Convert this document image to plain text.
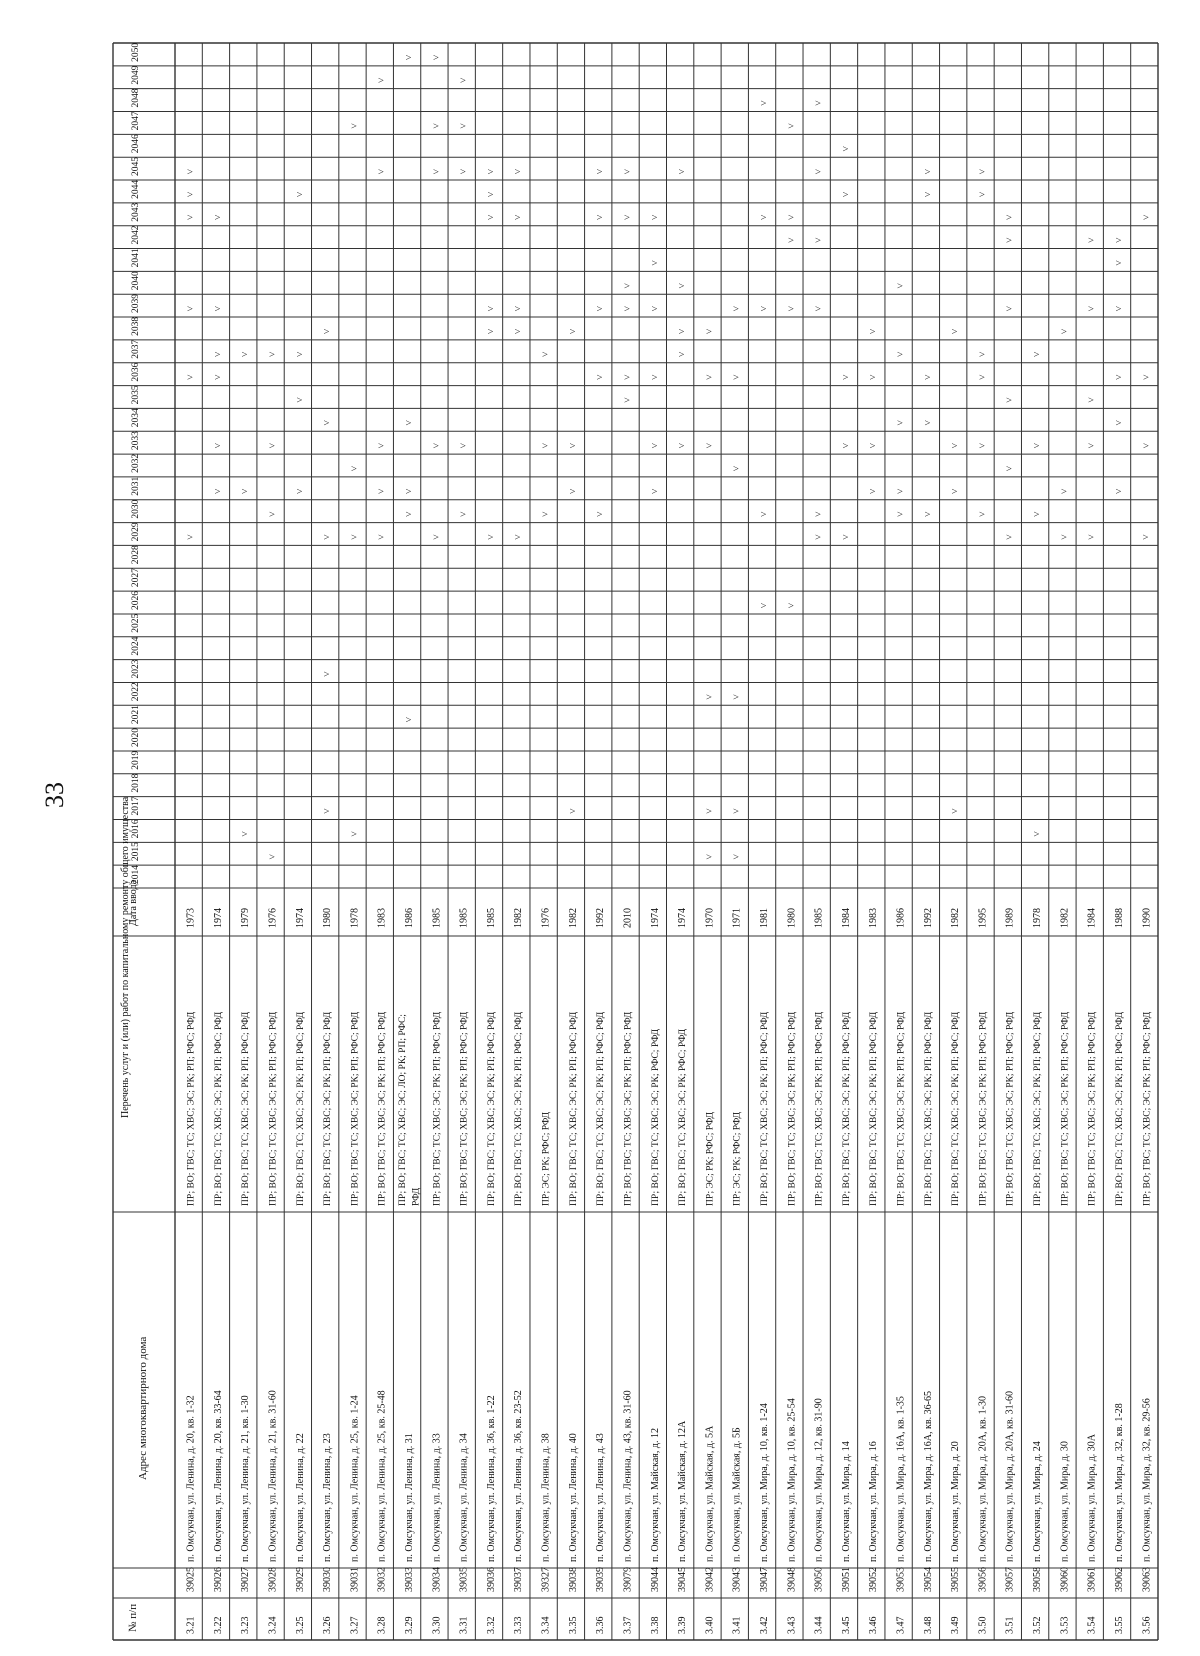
33
2014
2015
2016
2017
2018
2019
2020
2021
2022
2023
2024
2025
2026
2027
2028
2029
2030
2031
2032
2033
2034
2035
2036
2037
2038
2039
2040
2041
2042
2043
2044
2045
2046
2047
2048
2049
2050
№ п/п
Адрес многоквартирного дома
Перечень услуг и (или) работ по капитальному ремонту общего имущества
Дата ввода
3.21
39025
п. Омсукчан, ул. Ленина, д. 20, кв. 1-32
ПР; ВО; ГВС; ТС; ХВС; ЭС; РК; РП; РФС; РФД
1973
˅
˅
˅
˅
˅
˅
3.22
39026
п. Омсукчан, ул. Ленина, д. 20, кв. 33-64
ПР; ВО; ГВС; ТС; ХВС; ЭС; РК; РП; РФС; РФД
1974
˅
˅
˅
˅
˅
˅
3.23
39027
п. Омсукчан, ул. Ленина, д. 21, кв. 1-30
ПР; ВО; ГВС; ТС; ХВС; ЭС; РК; РП; РФС; РФД
1979
˅
˅
˅
3.24
39028
п. Омсукчан, ул. Ленина, д. 21, кв. 31-60
ПР; ВО; ГВС; ТС; ХВС; ЭС; РК; РП; РФС; РФД
1976
˅
˅
˅
˅
3.25
39029
п. Омсукчан, ул. Ленина, д. 22
ПР; ВО; ГВС; ТС; ХВС; ЭС; РК; РП; РФС; РФД
1974
˅
˅
˅
˅
3.26
39030
п. Омсукчан, ул. Ленина, д. 23
ПР; ВО; ГВС; ТС; ХВС; ЭС; РК; РП; РФС; РФД
1980
˅
˅
˅
˅
˅
3.27
39031
п. Омсукчан, ул. Ленина, д. 25, кв. 1-24
ПР; ВО; ГВС; ТС; ХВС; ЭС; РК; РП; РФС; РФД
1978
˅
˅
˅
˅
3.28
39032
п. Омсукчан, ул. Ленина, д. 25, кв. 25-48
ПР; ВО; ГВС; ТС; ХВС; ЭС; РК; РП; РФС; РФД
1983
˅
˅
˅
˅
˅
3.29
39033
п. Омсукчан, ул. Ленина, д. 31
ПР; ВО; ГВС; ТС; ХВС; ЭС; ЛО; РК; РП; РФС; РФД
1986
˅
˅
˅
˅
˅
3.30
39034
п. Омсукчан, ул. Ленина, д. 33
ПР; ВО; ГВС; ТС; ХВС; ЭС; РК; РП; РФС; РФД
1985
˅
˅
˅
˅
˅
3.31
39035
п. Омсукчан, ул. Ленина, д. 34
ПР; ВО; ГВС; ТС; ХВС; ЭС; РК; РП; РФС; РФД
1985
˅
˅
˅
˅
˅
3.32
39036
п. Омсукчан, ул. Ленина, д. 36, кв. 1-22
ПР; ВО; ГВС; ТС; ХВС; ЭС; РК; РП; РФС; РФД
1985
˅
˅
˅
˅
˅
˅
3.33
39037
п. Омсукчан, ул. Ленина, д. 36, кв. 23-52
ПР; ВО; ГВС; ТС; ХВС; ЭС; РК; РП; РФС; РФД
1982
˅
˅
˅
˅
˅
3.34
39327
п. Омсукчан, ул. Ленина, д. 38
ПР; ЭС; РК; РФС; РФД
1976
˅
˅
˅
3.35
39038
п. Омсукчан, ул. Ленина, д. 40
ПР; ВО; ГВС; ТС; ХВС; ЭС; РК; РП; РФС; РФД
1982
˅
˅
˅
˅
3.36
39039
п. Омсукчан, ул. Ленина, д. 43
ПР; ВО; ГВС; ТС; ХВС; ЭС; РК; РП; РФС; РФД
1992
˅
˅
˅
˅
˅
3.37
39079
п. Омсукчан, ул. Ленина, д. 43, кв. 31-60
ПР; ВО; ГВС; ТС; ХВС; ЭС; РК; РП; РФС; РФД
2010
˅
˅
˅
˅
˅
˅
3.38
39044
п. Омсукчан, ул. Майская, д. 12
ПР; ВО; ГВС; ТС; ХВС; ЭС; РК; РФС; РФД
1974
˅
˅
˅
˅
˅
˅
3.39
39045
п. Омсукчан, ул. Майская, д. 12А
ПР; ВО; ГВС; ТС; ХВС; ЭС; РК; РФС; РФД
1974
˅
˅
˅
˅
˅
3.40
39042
п. Омсукчан, ул. Майская, д. 5А
ПР; ЭС; РК; РФС; РФД
1970
˅
˅
˅
˅
˅
˅
3.41
39043
п. Омсукчан, ул. Майская, д. 5Б
ПР; ЭС; РК; РФС; РФД
1971
˅
˅
˅
˅
˅
˅
3.42
39047
п. Омсукчан, ул. Мира, д. 10, кв. 1-24
ПР; ВО; ГВС; ТС; ХВС; ЭС; РК; РП; РФС; РФД
1981
˅
˅
˅
˅
˅
3.43
39048
п. Омсукчан, ул. Мира, д. 10, кв. 25-54
ПР; ВО; ГВС; ТС; ХВС; ЭС; РК; РП; РФС; РФД
1980
˅
˅
˅
˅
˅
3.44
39050
п. Омсукчан, ул. Мира, д. 12, кв. 31-90
ПР; ВО; ГВС; ТС; ХВС; ЭС; РК; РП; РФС; РФД
1985
˅
˅
˅
˅
˅
˅
3.45
39051
п. Омсукчан, ул. Мира, д. 14
ПР; ВО; ГВС; ТС; ХВС; ЭС; РК; РП; РФС; РФД
1984
˅
˅
˅
˅
˅
3.46
39052
п. Омсукчан, ул. Мира, д. 16
ПР; ВО; ГВС; ТС; ХВС; ЭС; РК; РП; РФС; РФД
1983
˅
˅
˅
˅
3.47
39053
п. Омсукчан, ул. Мира, д. 16А, кв. 1-35
ПР; ВО; ГВС; ТС; ХВС; ЭС; РК; РП; РФС; РФД
1986
˅
˅
˅
˅
˅
3.48
39054
п. Омсукчан, ул. Мира, д. 16А, кв. 36-65
ПР; ВО; ГВС; ТС; ХВС; ЭС; РК; РП; РФС; РФД
1992
˅
˅
˅
˅
˅
3.49
39055
п. Омсукчан, ул. Мира, д. 20
ПР; ВО; ГВС; ТС; ХВС; ЭС; РК; РП; РФС; РФД
1982
˅
˅
˅
˅
3.50
39056
п. Омсукчан, ул. Мира, д. 20А, кв. 1-30
ПР; ВО; ГВС; ТС; ХВС; ЭС; РК; РП; РФС; РФД
1995
˅
˅
˅
˅
˅
˅
3.51
39057
п. Омсукчан, ул. Мира, д. 20А, кв. 31-60
ПР; ВО; ГВС; ТС; ХВС; ЭС; РК; РП; РФС; РФД
1989
˅
˅
˅
˅
˅
˅
3.52
39058
п. Омсукчан, ул. Мира, д. 24
ПР; ВО; ГВС; ТС; ХВС; ЭС; РК; РП; РФС; РФД
1978
˅
˅
˅
˅
3.53
39060
п. Омсукчан, ул. Мира, д. 30
ПР; ВО; ГВС; ТС; ХВС; ЭС; РК; РП; РФС; РФД
1982
˅
˅
˅
3.54
39061
п. Омсукчан, ул. Мира, д. 30А
ПР; ВО; ГВС; ТС; ХВС; ЭС; РК; РП; РФС; РФД
1984
˅
˅
˅
˅
˅
3.55
39062
п. Омсукчан, ул. Мира, д. 32, кв. 1-28
ПР; ВО; ГВС; ТС; ХВС; ЭС; РК; РП; РФС; РФД
1988
˅
˅
˅
˅
˅
˅
3.56
39063
п. Омсукчан, ул. Мира, д. 32, кв. 29-56
ПР; ВО; ГВС; ТС; ХВС; ЭС; РК; РП; РФС; РФД
1990
˅
˅
˅
˅
